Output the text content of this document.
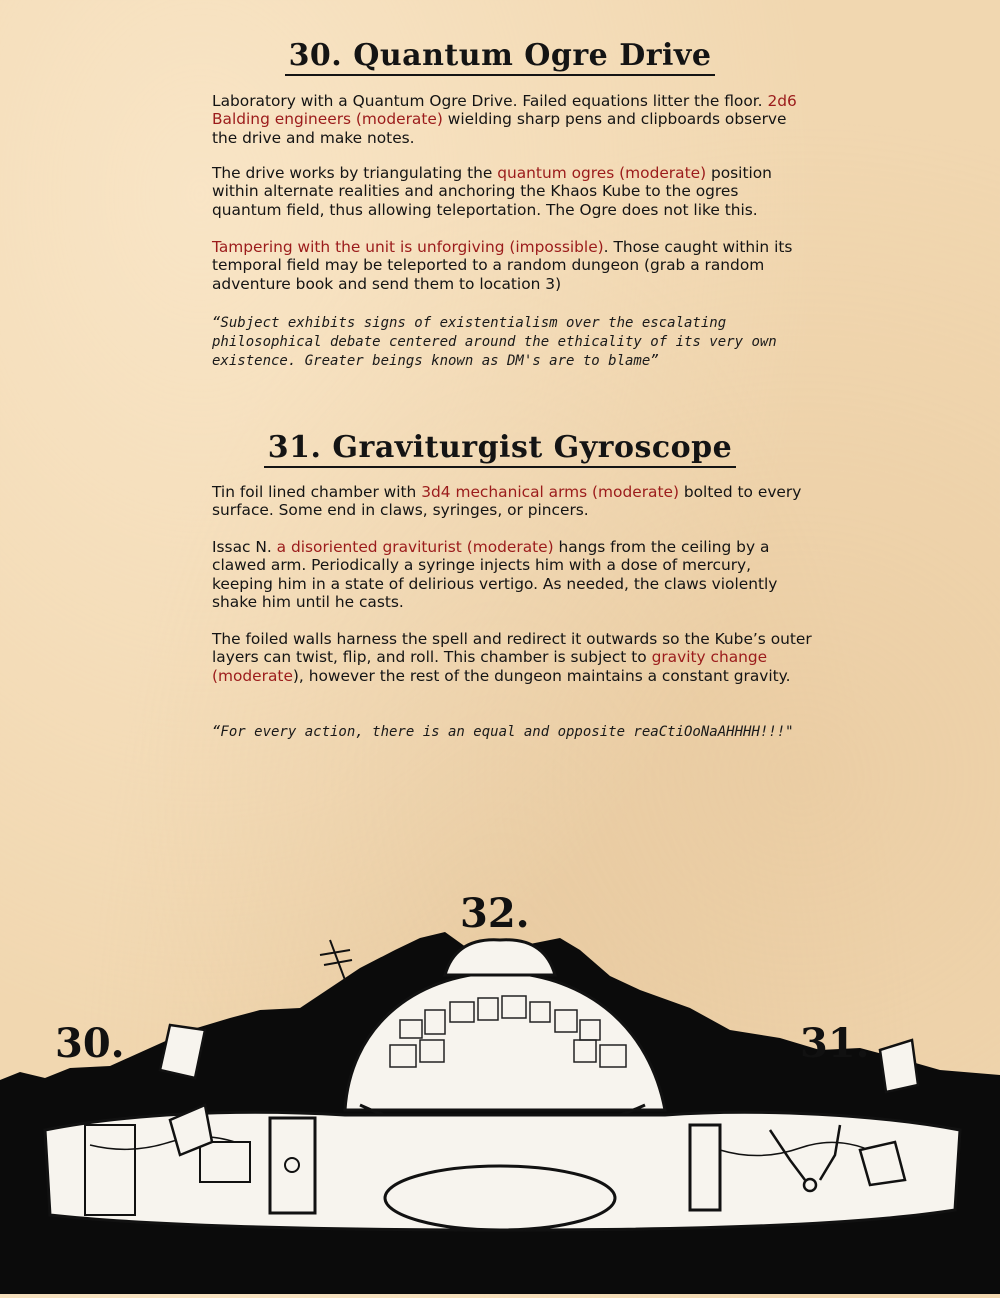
30. Quantum Ogre Drive

Laboratory with a Quantum Ogre Drive. Failed equations litter the floor. 2d6 Balding engineers (moderate) wielding sharp pens and clipboards observe the drive and make notes.

The drive works by triangulating the quantum ogres (moderate) position within alternate realities and anchoring the Khaos Kube to the ogres quantum field, thus allowing teleportation. The Ogre does not like this.

Tampering with the unit is unforgiving (impossible). Those caught within its temporal field may be teleported to a random dungeon (grab a random adventure book and send them to location 3)

“Subject exhibits signs of existentialism over the escalating philosophical debate centered around the ethicality of its very own existence. Greater beings known as DM's are to blame”

31. Graviturgist Gyroscope

Tin foil lined chamber with 3d4 mechanical arms (moderate) bolted to every surface. Some end in claws, syringes, or pincers.

Issac N. a disoriented graviturist (moderate) hangs from the ceiling by a clawed arm. Periodically a syringe injects him with a dose of mercury, keeping him in a state of delirious vertigo. As needed, the claws violently shake him until he casts.

The foiled walls harness the spell and redirect it outwards so the Kube’s outer layers can twist, flip, and roll. This chamber is subject to gravity change (moderate), however the rest of the dungeon maintains a constant gravity.

“For every action, there is an equal and opposite reaCtiOoNaAHHHH!!!"

30.
32.
31.
